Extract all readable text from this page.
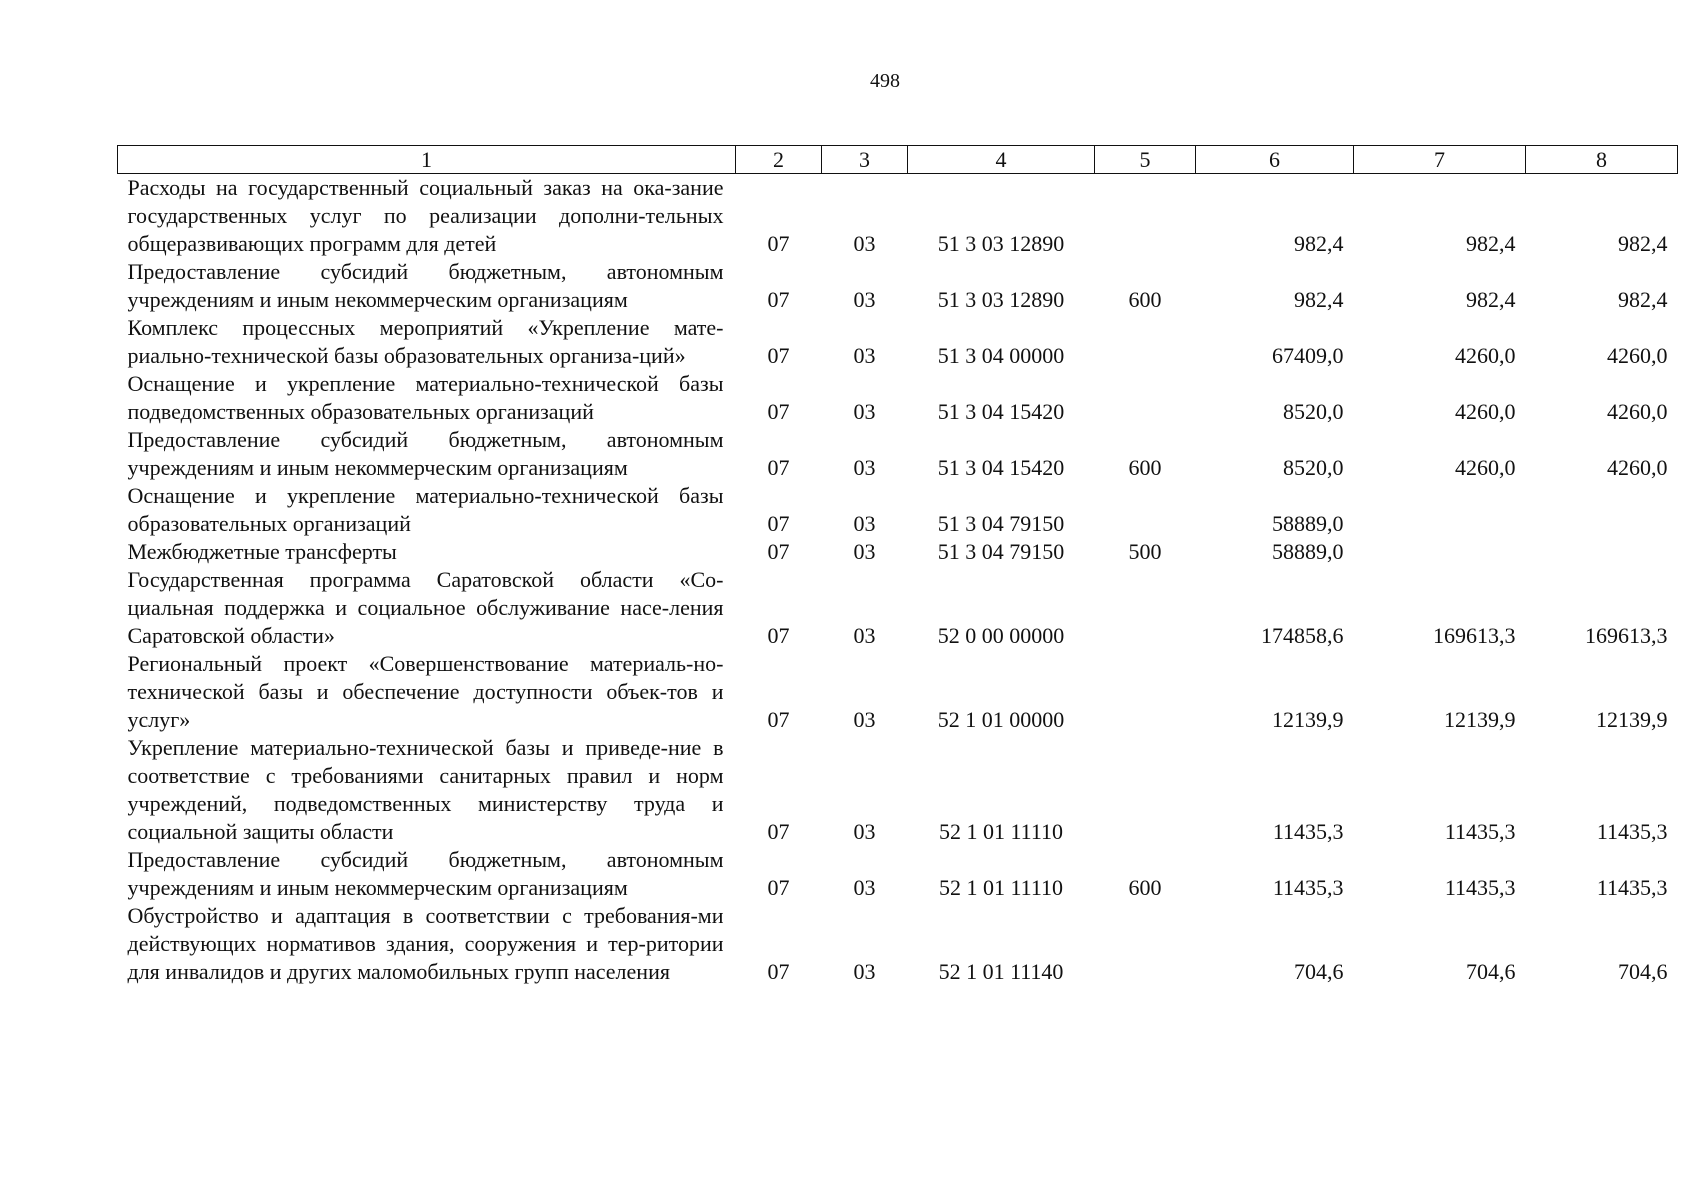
498
1	2	3	4	5	6	7	8
Расходы на государственный социальный заказ на ока-зание государственных услуг по реализации дополни-тельных общеразвивающих программ для детей	07	03	51 3 03 12890		982,4	982,4	982,4
Предоставление субсидий бюджетным, автономным учреждениям и иным некоммерческим организациям	07	03	51 3 03 12890	600	982,4	982,4	982,4
Комплекс процессных мероприятий «Укрепление мате-риально-технической базы образовательных организа-ций»	07	03	51 3 04 00000		67409,0	4260,0	4260,0
Оснащение и укрепление материально-технической базы подведомственных образовательных организаций	07	03	51 3 04 15420		8520,0	4260,0	4260,0
Предоставление субсидий бюджетным, автономным учреждениям и иным некоммерческим организациям	07	03	51 3 04 15420	600	8520,0	4260,0	4260,0
Оснащение и укрепление материально-технической базы образовательных организаций	07	03	51 3 04 79150		58889,0		
Межбюджетные трансферты	07	03	51 3 04 79150	500	58889,0		
Государственная программа Саратовской области «Со-циальная поддержка и социальное обслуживание насе-ления Саратовской области»	07	03	52 0 00 00000		174858,6	169613,3	169613,3
Региональный проект «Совершенствование материаль-но-технической базы и обеспечение доступности объек-тов и услуг»	07	03	52 1 01 00000		12139,9	12139,9	12139,9
Укрепление материально-технической базы и приведе-ние в соответствие с требованиями санитарных правил и норм учреждений, подведомственных министерству труда и социальной защиты области	07	03	52 1 01 11110		11435,3	11435,3	11435,3
Предоставление субсидий бюджетным, автономным учреждениям и иным некоммерческим организациям	07	03	52 1 01 11110	600	11435,3	11435,3	11435,3
Обустройство и адаптация в соответствии с требования-ми действующих нормативов здания, сооружения и тер-ритории для инвалидов и других маломобильных групп населения	07	03	52 1 01 11140		704,6	704,6	704,6
